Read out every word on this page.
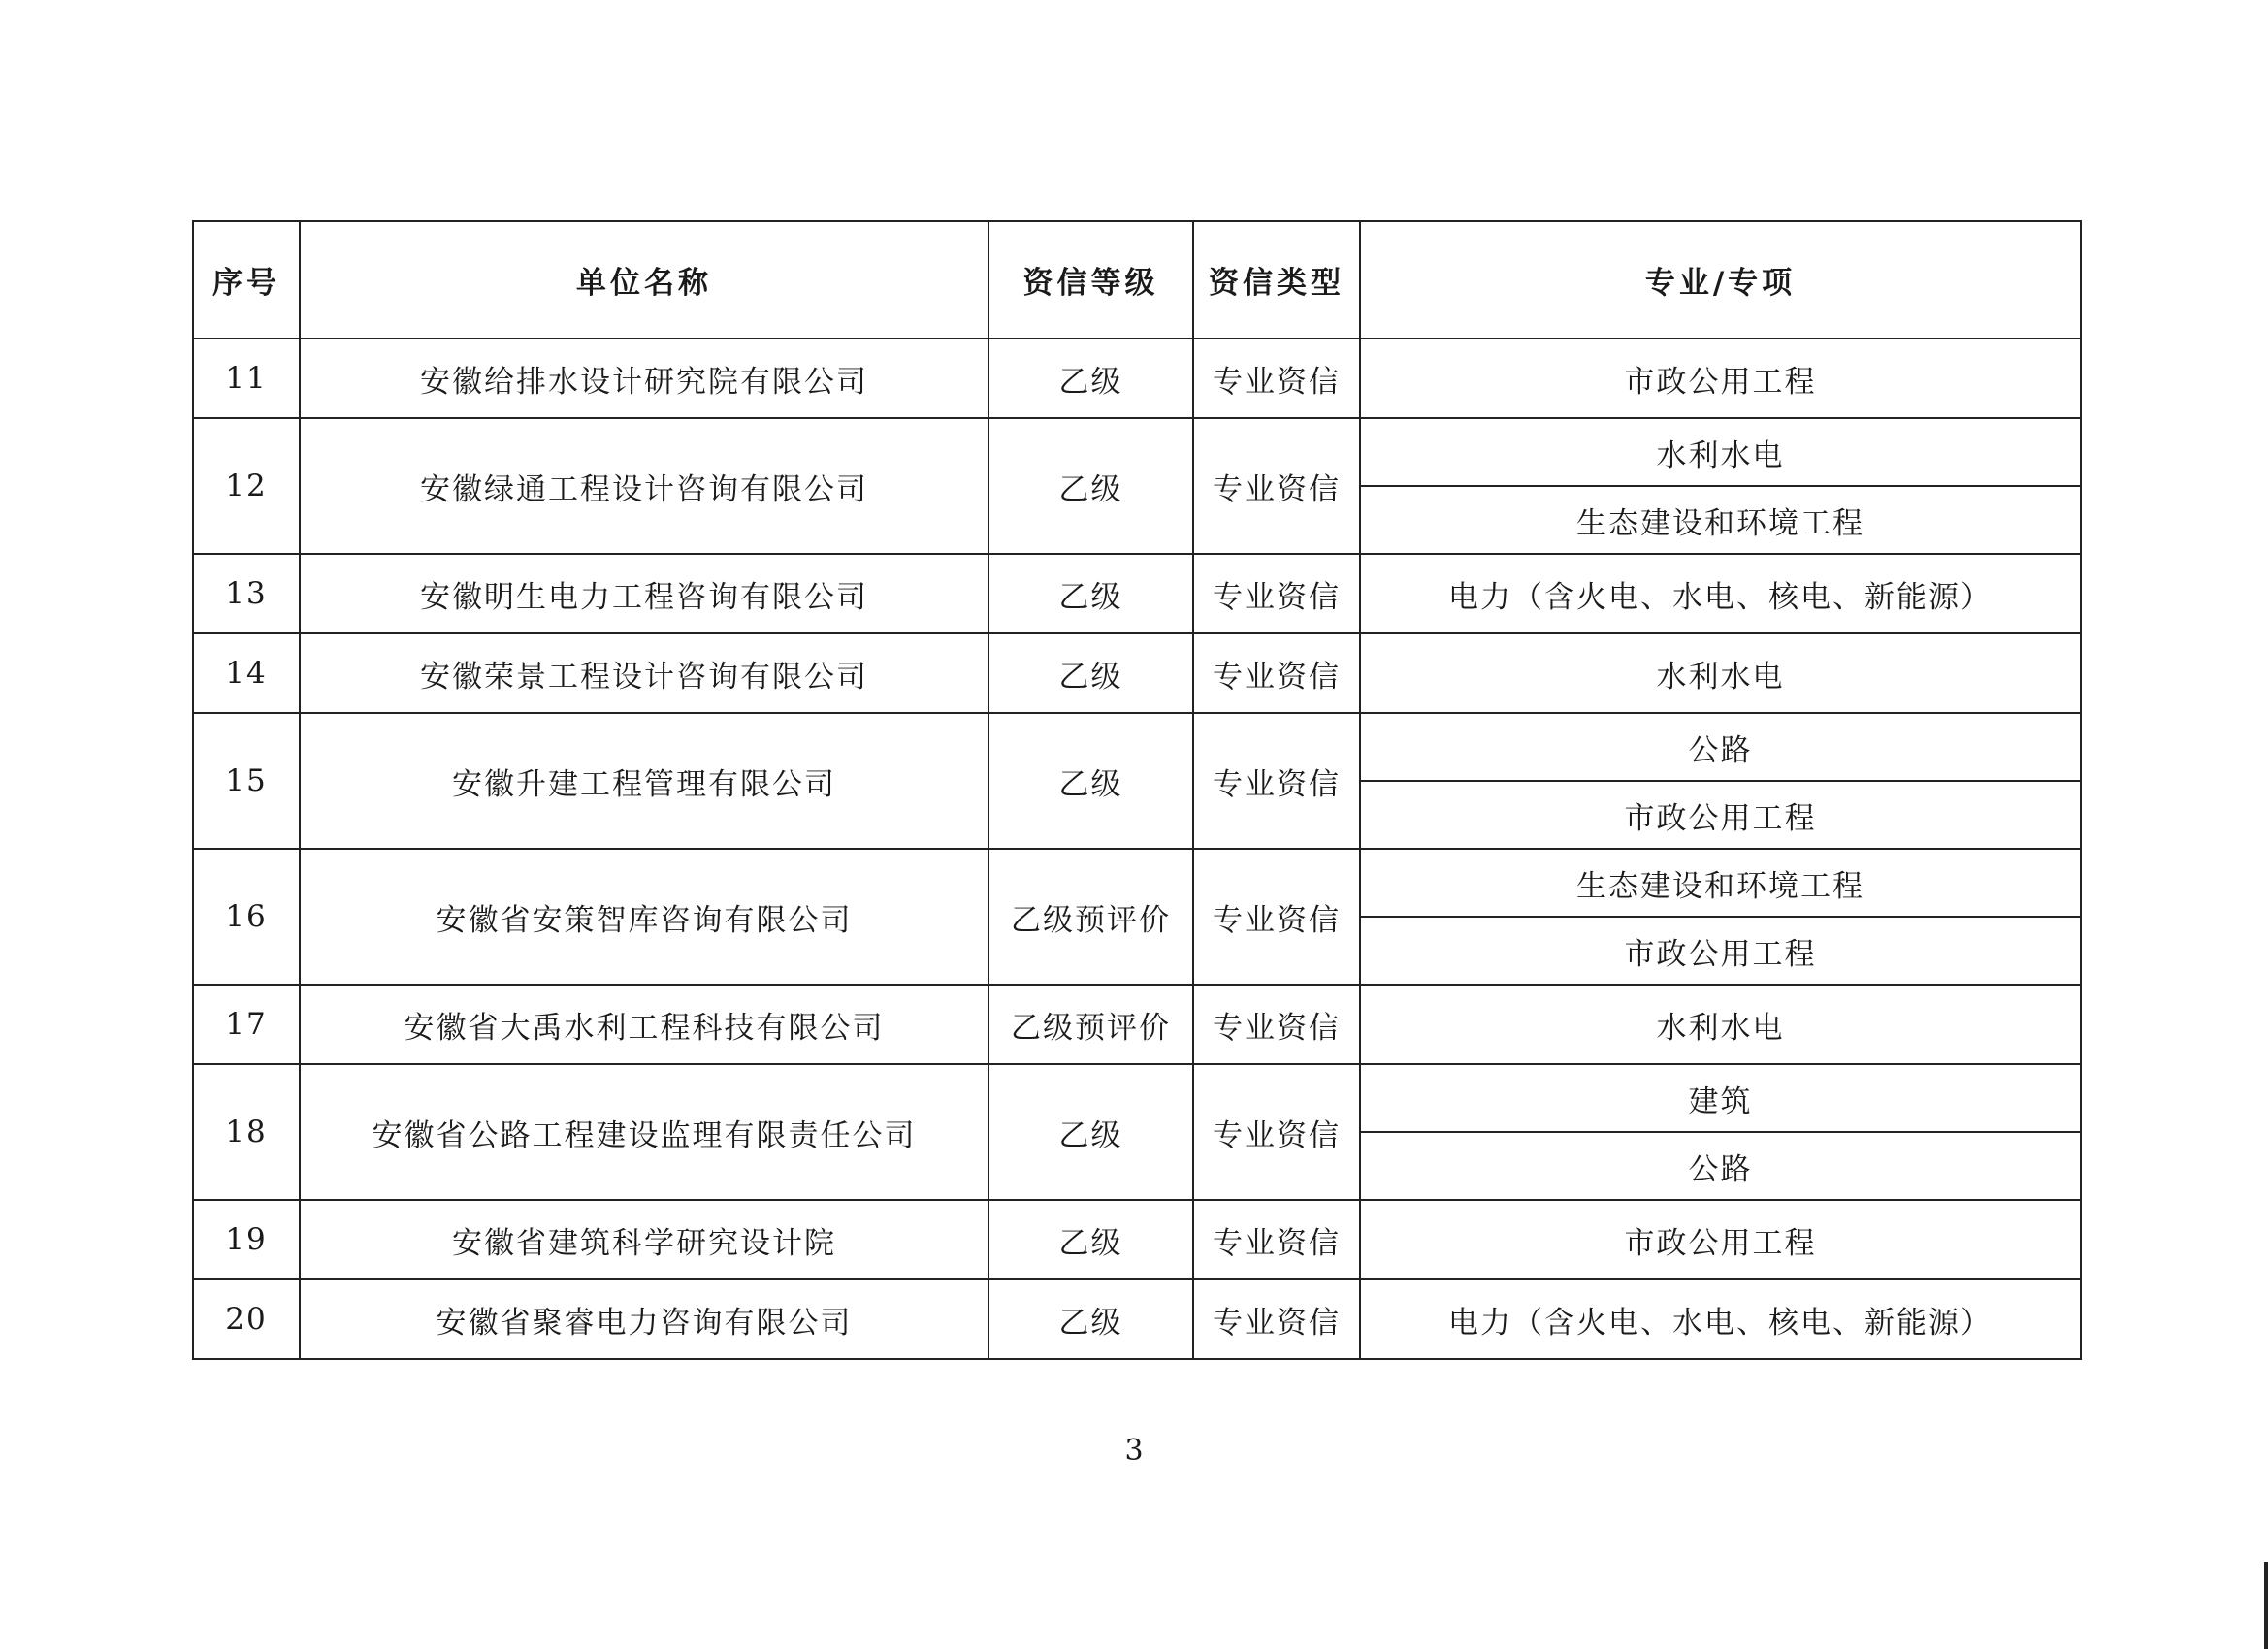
序号	单位名称	资信等级	资信类型	专业/专项
11	安徽给排水设计研究院有限公司	乙级	专业资信	市政公用工程
12	安徽绿通工程设计咨询有限公司	乙级	专业资信	水利水电
				生态建设和环境工程
13	安徽明生电力工程咨询有限公司	乙级	专业资信	电力（含火电、水电、核电、新能源）
14	安徽荣景工程设计咨询有限公司	乙级	专业资信	水利水电
15	安徽升建工程管理有限公司	乙级	专业资信	公路
				市政公用工程
16	安徽省安策智库咨询有限公司	乙级预评价	专业资信	生态建设和环境工程
				市政公用工程
17	安徽省大禹水利工程科技有限公司	乙级预评价	专业资信	水利水电
18	安徽省公路工程建设监理有限责任公司	乙级	专业资信	建筑
				公路
19	安徽省建筑科学研究设计院	乙级	专业资信	市政公用工程
20	安徽省聚睿电力咨询有限公司	乙级	专业资信	电力（含火电、水电、核电、新能源）
3
